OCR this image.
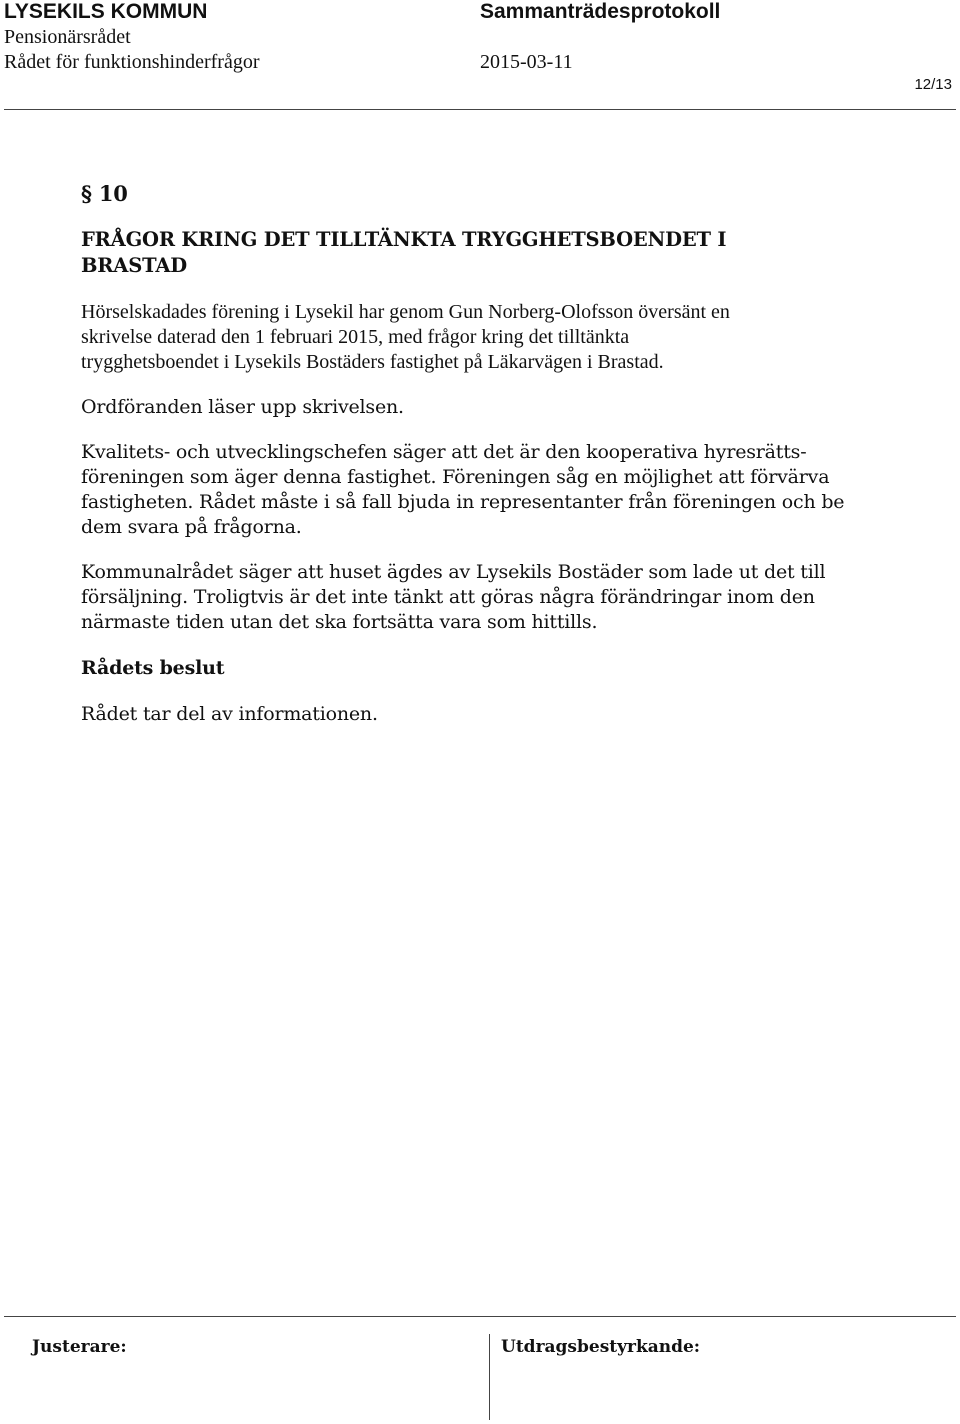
LYSEKILS KOMMUN	Sammanträdesprotokoll
Pensionärsrådet
Rådet för funktionshinderfrågor	2015-03-11
12/13
§ 10
FRÅGOR KRING DET TILLTÄNKTA TRYGGHETSBOENDET I
BRASTAD

Hörselskadades förening i Lysekil har genom Gun Norberg-Olofsson översänt en
skrivelse daterad den 1 februari 2015, med frågor kring det tilltänkta
trygghetsboendet i Lysekils Bostäders fastighet på Läkarvägen i Brastad.

Ordföranden läser upp skrivelsen.

Kvalitets- och utvecklingschefen säger att det är den kooperativa hyresrätts-
föreningen som äger denna fastighet. Föreningen såg en möjlighet att förvärva
fastigheten. Rådet måste i så fall bjuda in representanter från föreningen och be
dem svara på frågorna.

Kommunalrådet säger att huset ägdes av Lysekils Bostäder som lade ut det till
försäljning. Troligtvis är det inte tänkt att göras några förändringar inom den
närmaste tiden utan det ska fortsätta vara som hittills.

Rådets beslut

Rådet tar del av informationen.

Justerare:	Utdragsbestyrkande:
